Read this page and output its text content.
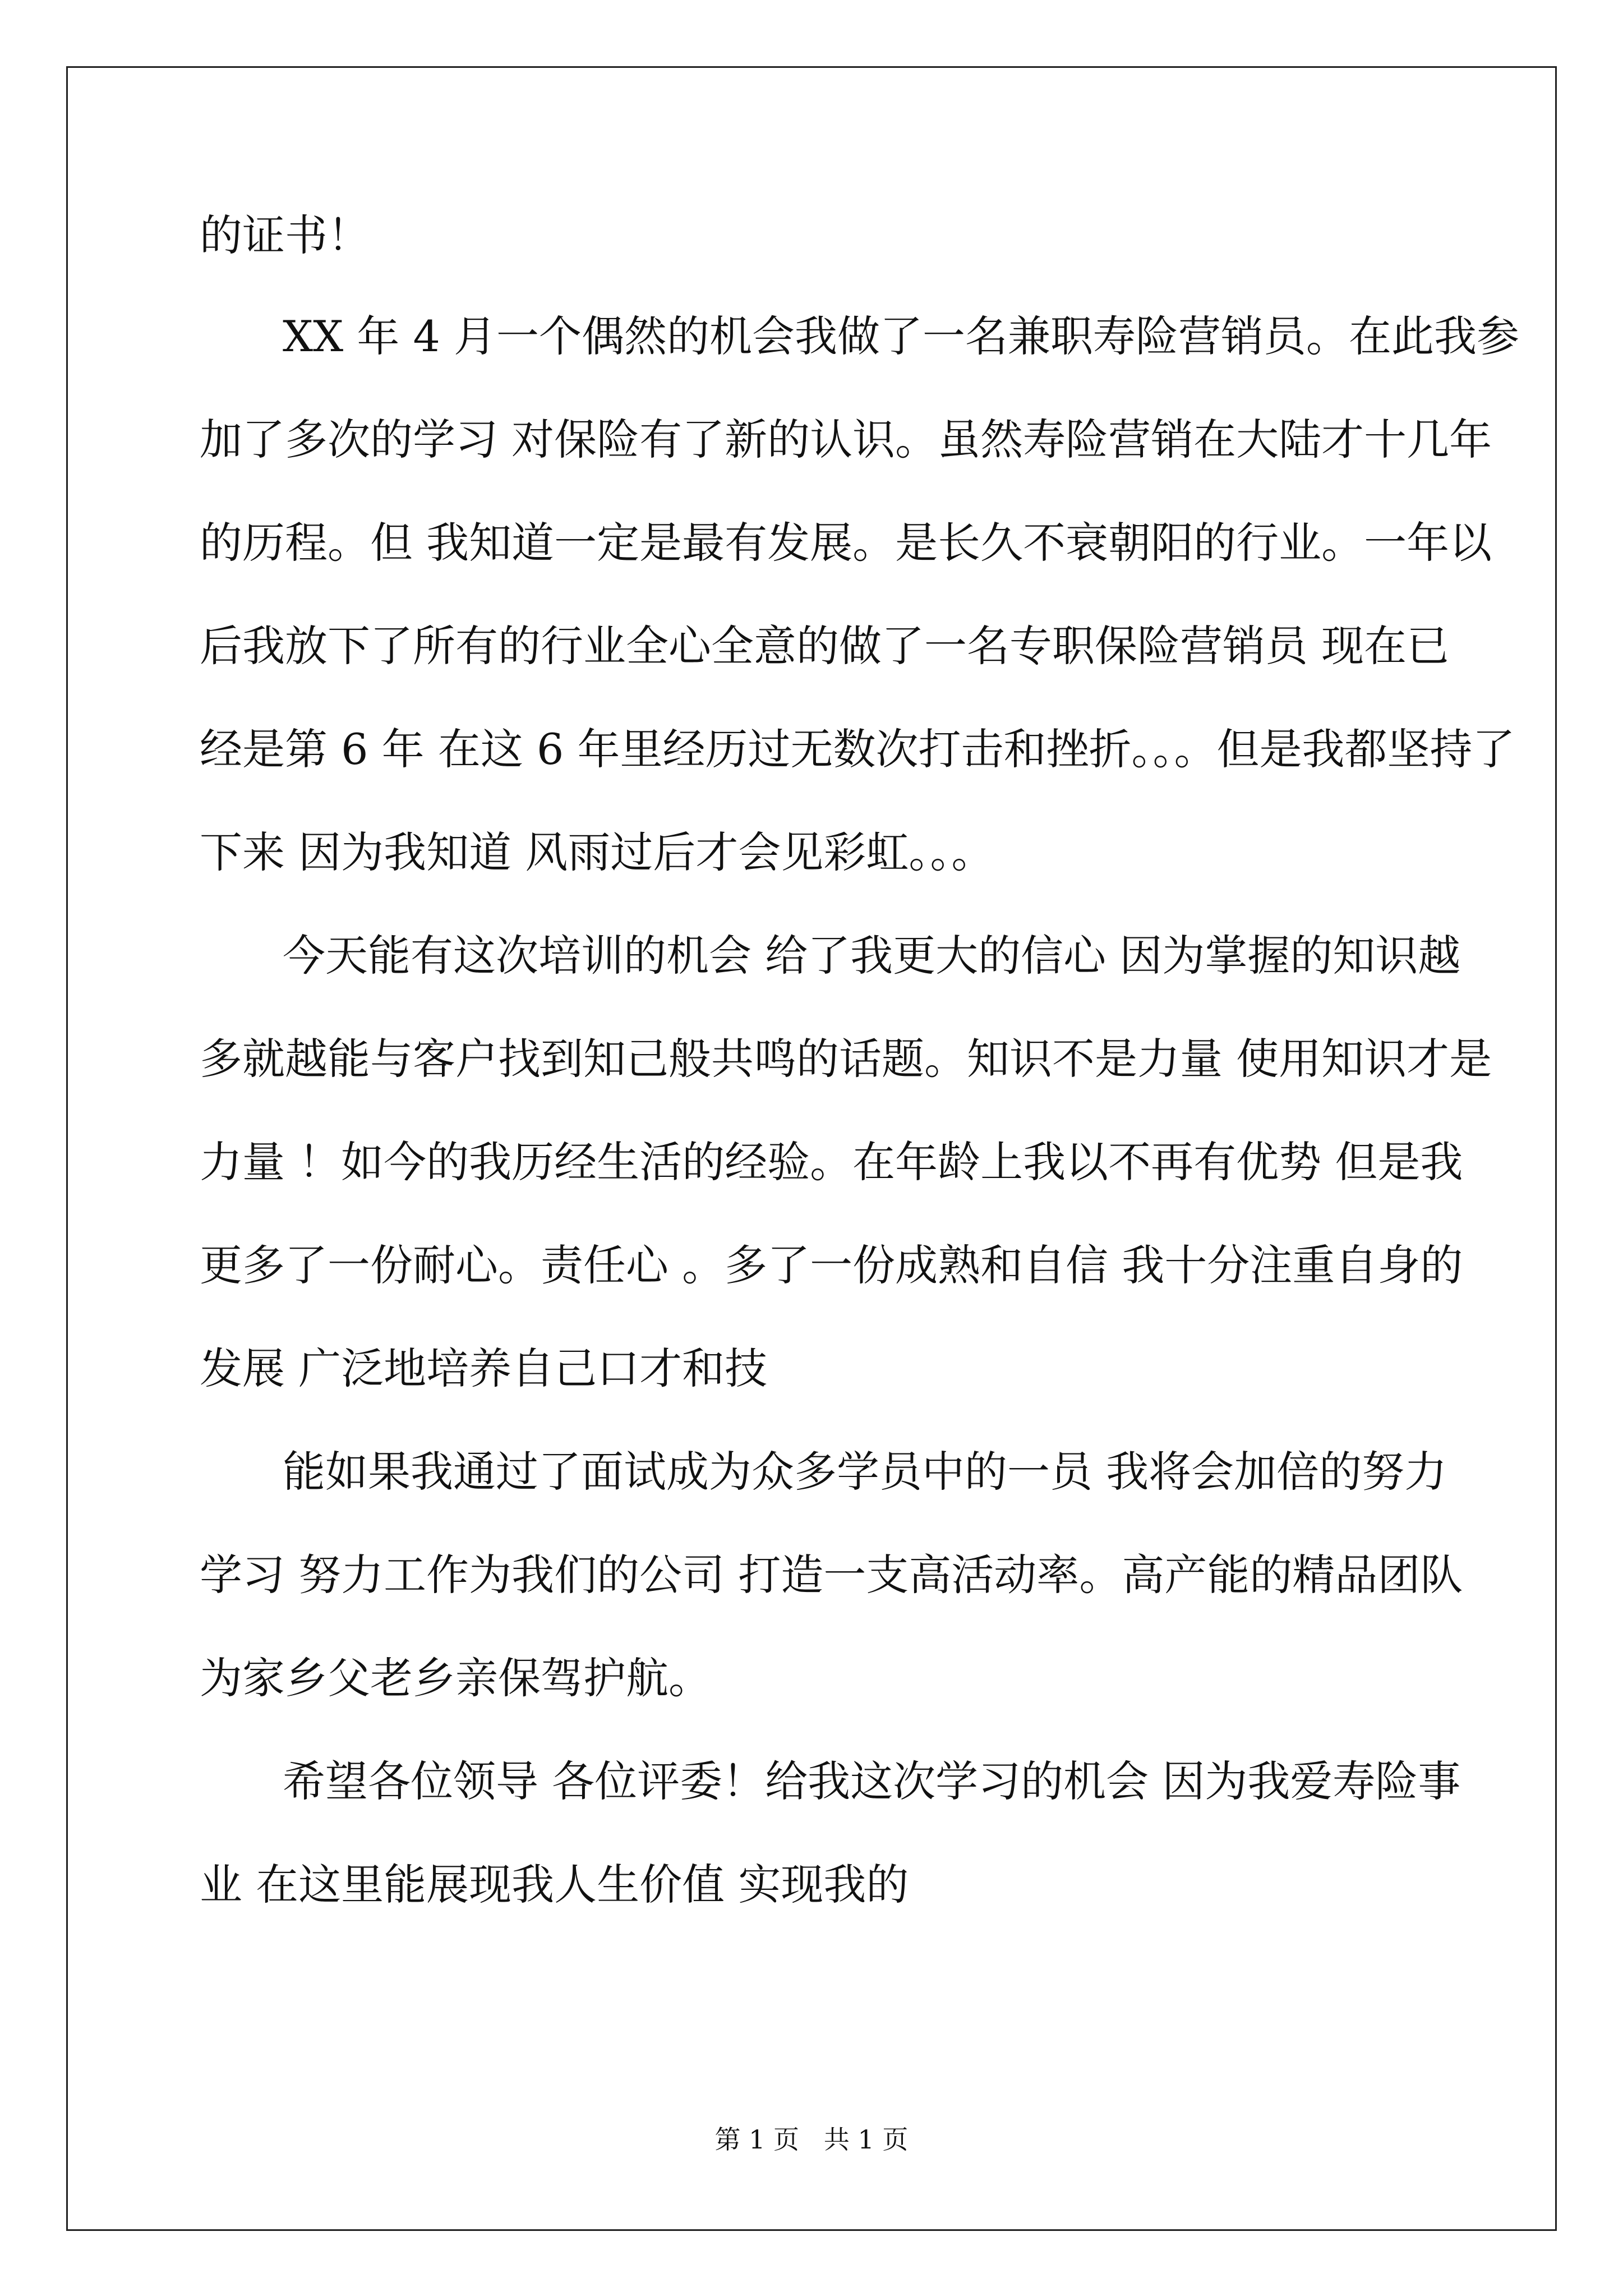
的证书！
XX 年 4 月一个偶然的机会我做了一名兼职寿险营销员。在此我参
加了多次的学习 对保险有了新的认识。虽然寿险营销在大陆才十几年
的历程。但 我知道一定是最有发展。是长久不衰朝阳的行业。一年以
后我放下了所有的行业全心全意的做了一名专职保险营销员 现在已
经是第 6 年 在这 6 年里经历过无数次打击和挫折。。。但是我都坚持了
下来 因为我知道 风雨过后才会见彩虹。。。
今天能有这次培训的机会 给了我更大的信心 因为掌握的知识越
多就越能与客户找到知己般共鸣的话题。知识不是力量 使用知识才是
力量 ！如今的我历经生活的经验。在年龄上我以不再有优势 但是我
更多了一份耐心。责任心 。多了一份成熟和自信 我十分注重自身的
发展 广泛地培养自己口才和技
能如果我通过了面试成为众多学员中的一员 我将会加倍的努力
学习 努力工作为我们的公司 打造一支高活动率。高产能的精品团队
为家乡父老乡亲保驾护航。
希望各位领导 各位评委！给我这次学习的机会 因为我爱寿险事
业 在这里能展现我人生价值 实现我的
第 1 页   共 1 页
